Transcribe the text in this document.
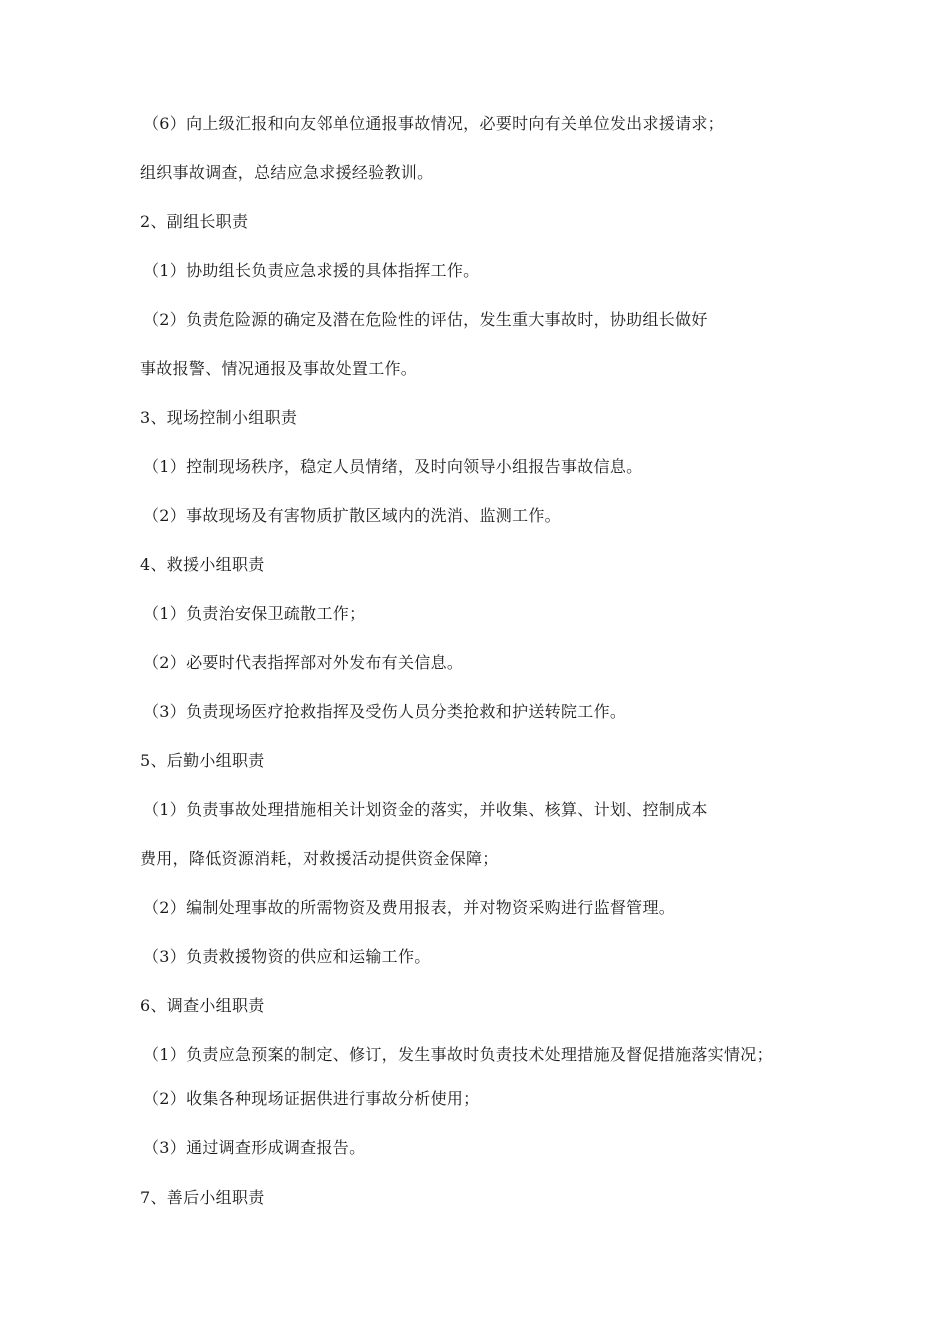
（6）向上级汇报和向友邻单位通报事故情况，必要时向有关单位发出求援请求；
组织事故调查，总结应急求援经验教训。
2、副组长职责
（1）协助组长负责应急求援的具体指挥工作。
（2）负责危险源的确定及潜在危险性的评估，发生重大事故时，协助组长做好
事故报警、情况通报及事故处置工作。
3、现场控制小组职责
（1）控制现场秩序，稳定人员情绪，及时向领导小组报告事故信息。
（2）事故现场及有害物质扩散区域内的洗消、监测工作。
4、救援小组职责
（1）负责治安保卫疏散工作；
（2）必要时代表指挥部对外发布有关信息。
（3）负责现场医疗抢救指挥及受伤人员分类抢救和护送转院工作。
5、后勤小组职责
（1）负责事故处理措施相关计划资金的落实，并收集、核算、计划、控制成本
费用，降低资源消耗，对救援活动提供资金保障；
（2）编制处理事故的所需物资及费用报表，并对物资采购进行监督管理。
（3）负责救援物资的供应和运输工作。
6、调查小组职责
（1）负责应急预案的制定、修订，发生事故时负责技术处理措施及督促措施落实情况；
（2）收集各种现场证据供进行事故分析使用；
（3）通过调查形成调查报告。
7、善后小组职责
